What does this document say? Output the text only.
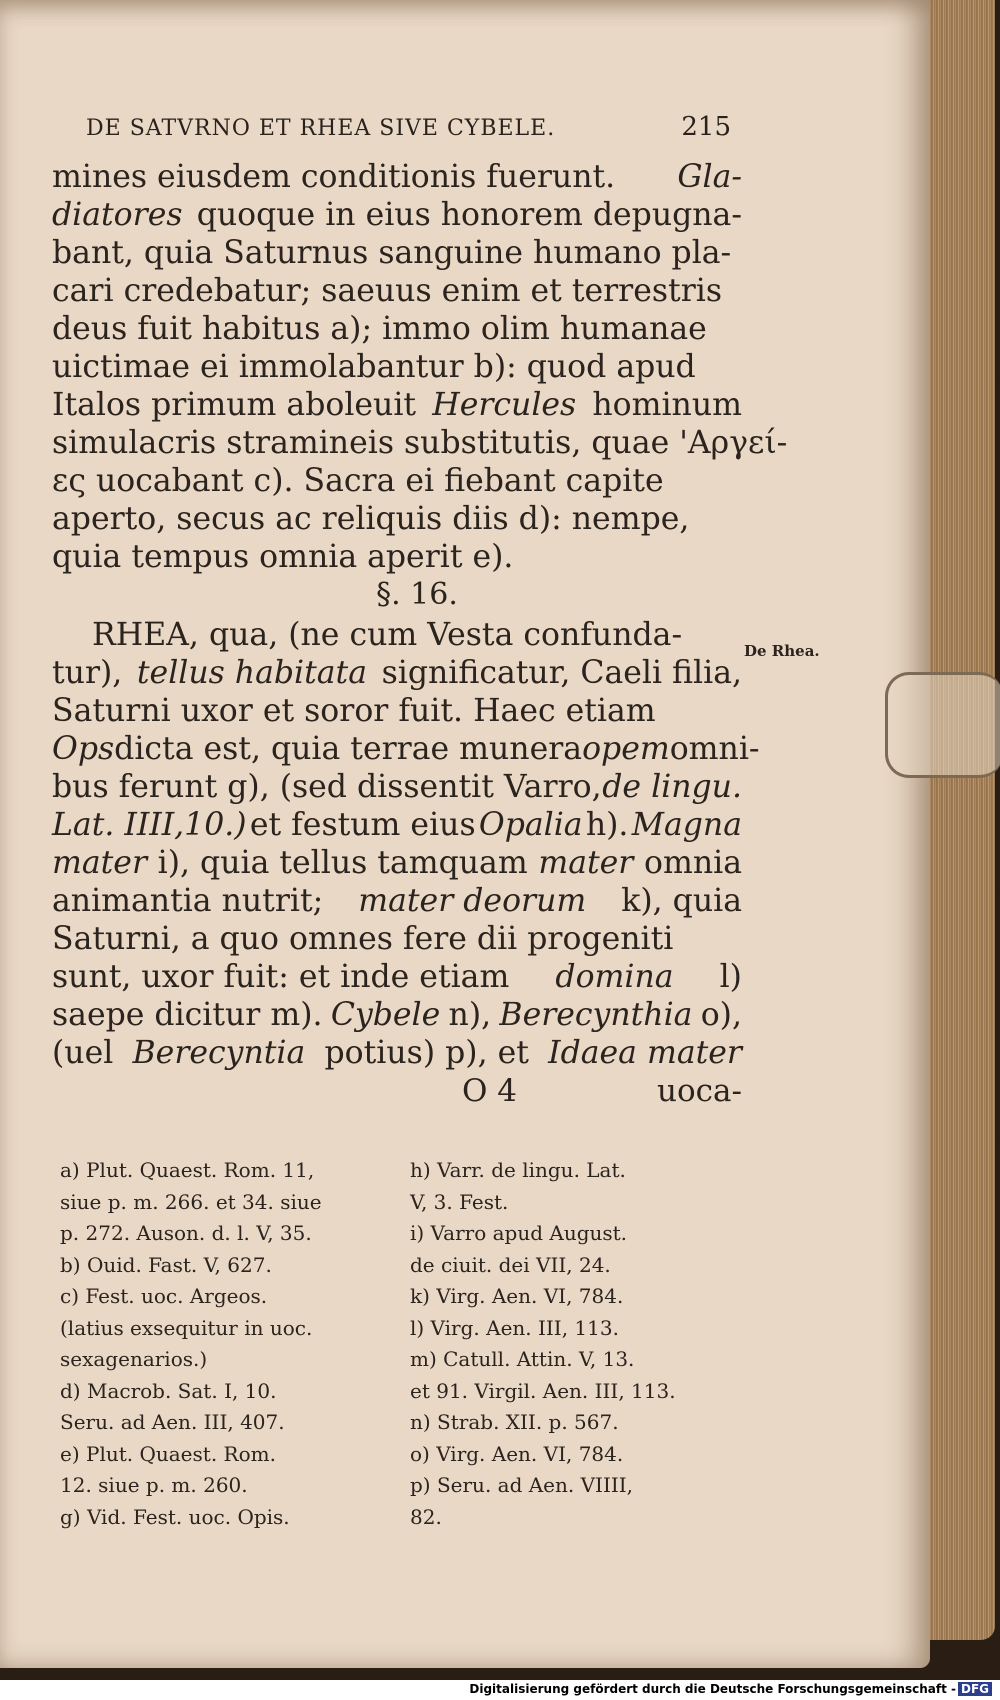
DE SATVRNO ET RHEA SIVE CYBELE.	215
mines eiusdem conditionis fuerunt. Gla-
diatores quoque in eius honorem depugna-
bant, quia Saturnus sanguine humano pla-
cari credebatur; saeuus enim et terrestris
deus fuit habitus a); immo olim humanae
uictimae ei immolabantur b): quod apud
Italos primum aboleuit Hercules hominum
simulacris stramineis substitutis, quae 'Αργεί-
ες uocabant c). Sacra ei fiebant capite
aperto, secus ac reliquis diis d): nempe,
quia tempus omnia aperit e).
§. 16.
RHEA, qua, (ne cum Vesta confunda-
tur), tellus habitata significatur, Caeli filia,
Saturni uxor et soror fuit. Haec etiam
Ops dicta est, quia terrae munera opem omni-
bus ferunt g), (sed dissentit Varro, de lingu.
Lat. IIII,10.) et festum eius Opalia h). Magna
mater i), quia tellus tamquam mater omnia
animantia nutrit; mater deorum k), quia
Saturni, a quo omnes fere dii progeniti
sunt, uxor fuit: et inde etiam domina l)
saepe dicitur m). Cybele n), Berecynthia o),
(uel Berecyntia potius) p), et Idaea mater
O 4	uoca-
De Rhea.
a) Plut. Quaest. Rom. 11,
siue p. m. 266. et 34. siue
p. 272. Auson. d. l. V, 35.
b) Ouid. Fast. V, 627.
c) Fest. uoc. Argeos.
(latius exsequitur in uoc.
sexagenarios.)
d) Macrob. Sat. I, 10.
Seru. ad Aen. III, 407.
e) Plut. Quaest. Rom.
12. siue p. m. 260.
g) Vid. Fest. uoc. Opis.
h) Varr. de lingu. Lat.
V, 3. Fest.
i) Varro apud August.
de ciuit. dei VII, 24.
k) Virg. Aen. VI, 784.
l) Virg. Aen. III, 113.
m) Catull. Attin. V, 13.
et 91. Virgil. Aen. III, 113.
n) Strab. XII. p. 567.
o) Virg. Aen. VI, 784.
p) Seru. ad Aen. VIIII,
82.
Digitalisierung gefördert durch die Deutsche Forschungsgemeinschaft - DFG
